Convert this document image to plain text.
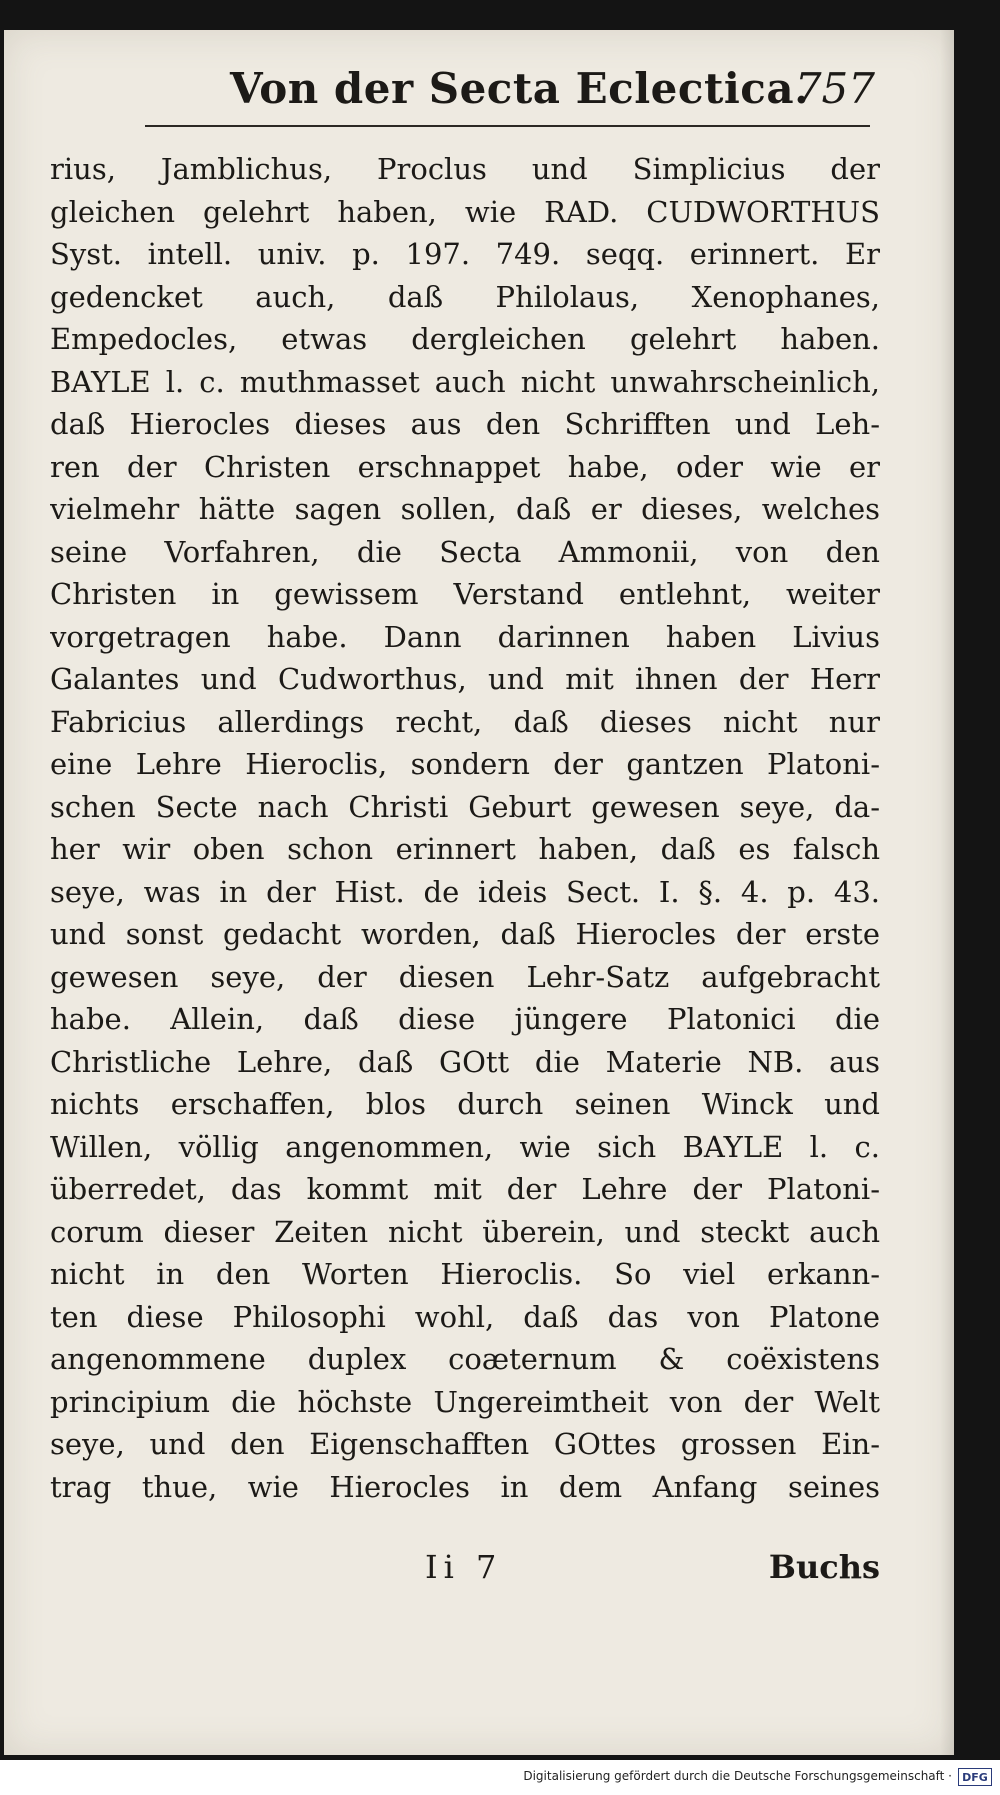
Von der Secta Eclectica.
757
rius, Jamblichus, Proclus und Simplicius der
gleichen gelehrt haben, wie RAD. CUDWORTHUS
Syst. intell. univ. p. 197. 749. seqq. erinnert. Er
gedencket auch, daß Philolaus, Xenophanes,
Empedocles, etwas dergleichen gelehrt haben.
BAYLE l. c. muthmasset auch nicht unwahrscheinlich,
daß Hierocles dieses aus den Schrifften und Leh-
ren der Christen erschnappet habe, oder wie er
vielmehr hätte sagen sollen, daß er dieses, welches
seine Vorfahren, die Secta Ammonii, von den
Christen in gewissem Verstand entlehnt, weiter
vorgetragen habe. Dann darinnen haben Livius
Galantes und Cudworthus, und mit ihnen der Herr
Fabricius allerdings recht, daß dieses nicht nur
eine Lehre Hieroclis, sondern der gantzen Platoni-
schen Secte nach Christi Geburt gewesen seye, da-
her wir oben schon erinnert haben, daß es falsch
seye, was in der Hist. de ideis Sect. I. §. 4. p. 43.
und sonst gedacht worden, daß Hierocles der erste
gewesen seye, der diesen Lehr-Satz aufgebracht
habe. Allein, daß diese jüngere Platonici die
Christliche Lehre, daß GOtt die Materie NB. aus
nichts erschaffen, blos durch seinen Winck und
Willen, völlig angenommen, wie sich BAYLE l. c.
überredet, das kommt mit der Lehre der Platoni-
corum dieser Zeiten nicht überein, und steckt auch
nicht in den Worten Hieroclis. So viel erkann-
ten diese Philosophi wohl, daß das von Platone
angenommene duplex coæternum & coëxistens
principium die höchste Ungereimtheit von der Welt
seye, und den Eigenschafften GOttes grossen Ein-
trag thue, wie Hierocles in dem Anfang seines
Ii 7	Buchs
Digitalisierung gefördert durch die Deutsche Forschungsgemeinschaft · DFG
